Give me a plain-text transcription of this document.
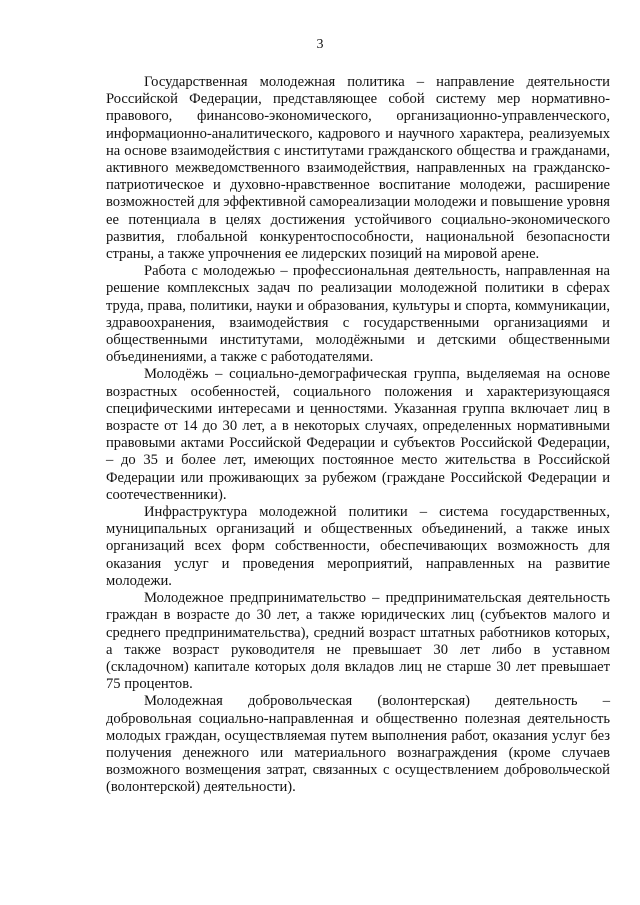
3

Государственная молодежная политика – направление деятельности Российской Федерации, представляющее собой систему мер нормативно-правового, финансово-экономического, организационно-управленческого, информационно-аналитического, кадрового и научного характера, реализуемых на основе взаимодействия с институтами гражданского общества и гражданами, активного межведомственного взаимодействия, направленных на гражданско-патриотическое и духовно-нравственное воспитание молодежи, расширение возможностей для эффективной самореализации молодежи и повышение уровня ее потенциала в целях достижения устойчивого социально-экономического развития, глобальной конкурентоспособности, национальной безопасности страны, а также упрочнения ее лидерских позиций на мировой арене.

Работа с молодежью – профессиональная деятельность, направленная на решение комплексных задач по реализации молодежной политики в сферах труда, права, политики, науки и образования, культуры и спорта, коммуникации, здравоохранения, взаимодействия с государственными организациями и общественными институтами, молодёжными и детскими общественными объединениями, а также с работодателями.

Молодёжь – социально-демографическая группа, выделяемая на основе возрастных особенностей, социального положения и характеризующаяся специфическими интересами и ценностями. Указанная группа включает лиц в возрасте от 14 до 30 лет, а в некоторых случаях, определенных нормативными правовыми актами Российской Федерации и субъектов Российской Федерации, – до 35 и более лет, имеющих постоянное место жительства в Российской Федерации или проживающих за рубежом (граждане Российской Федерации и соотечественники).

Инфраструктура молодежной политики – система государственных, муниципальных организаций и общественных объединений, а также иных организаций всех форм собственности, обеспечивающих возможность для оказания услуг и проведения мероприятий, направленных на развитие молодежи.

Молодежное предпринимательство – предпринимательская деятельность граждан в возрасте до 30 лет, а также юридических лиц (субъектов малого и среднего предпринимательства), средний возраст штатных работников которых, а также возраст руководителя не превышает 30 лет либо в уставном (складочном) капитале которых доля вкладов лиц не старше 30 лет превышает 75 процентов.

Молодежная добровольческая (волонтерская) деятельность – добровольная социально-направленная и общественно полезная деятельность молодых граждан, осуществляемая путем выполнения работ, оказания услуг без получения денежного или материального вознаграждения (кроме случаев возможного возмещения затрат, связанных с осуществлением добровольческой (волонтерской) деятельности).
